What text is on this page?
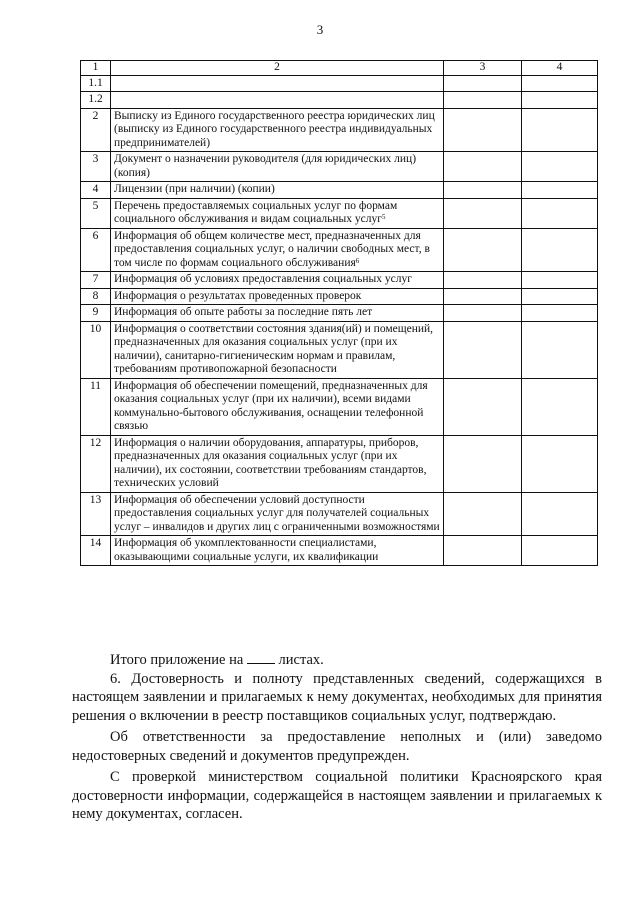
3
1	2	3	4
1.1			
1.2			
2	Выписку из Единого государственного реестра юридических лиц (выписку из Единого государственного реестра индивидуальных предпринимателей)		
3	Документ о назначении руководителя (для юридических лиц) (копия)		
4	Лицензии (при наличии) (копии)		
5	Перечень предоставляемых социальных услуг по формам социального обслуживания и видам социальных услуг$^5$		
6	Информация об общем количестве мест, предназначенных для предоставления социальных услуг, о наличии свободных мест, в том числе по формам социального обслуживания$^6$		
7	Информация об условиях предоставления социальных услуг		
8	Информация о результатах проведенных проверок		
9	Информация об опыте работы за последние пять лет		
10	Информация о соответствии состояния здания(ий) и помещений, предназначенных для оказания социальных услуг (при их наличии), санитарно-гигиеническим нормам и правилам, требованиям противопожарной безопасности		
11	Информация об обеспечении помещений, предназначенных для оказания социальных услуг (при их наличии), всеми видами коммунально-бытового обслуживания, оснащении телефонной связью		
12	Информация о наличии оборудования, аппаратуры, приборов, предназначенных для оказания социальных услуг (при их наличии), их состоянии, соответствии требованиям стандартов, технических условий		
13	Информация об обеспечении условий доступности предоставления социальных услуг для получателей социальных услуг – инвалидов и других лиц с ограниченными возможностями		
14	Информация об укомплектованности специалистами, оказывающими социальные услуги, их квалификации		

Итого приложение на листах.

6. Достоверность и полноту представленных сведений, содержащихся в настоящем заявлении и прилагаемых к нему документах, необходимых для принятия решения о включении в реестр поставщиков социальных услуг, подтверждаю.

Об ответственности за предоставление неполных и (или) заведомо недостоверных сведений и документов предупрежден.

С проверкой министерством социальной политики Красноярского края достоверности информации, содержащейся в настоящем заявлении и прилагаемых к нему документах, согласен.
